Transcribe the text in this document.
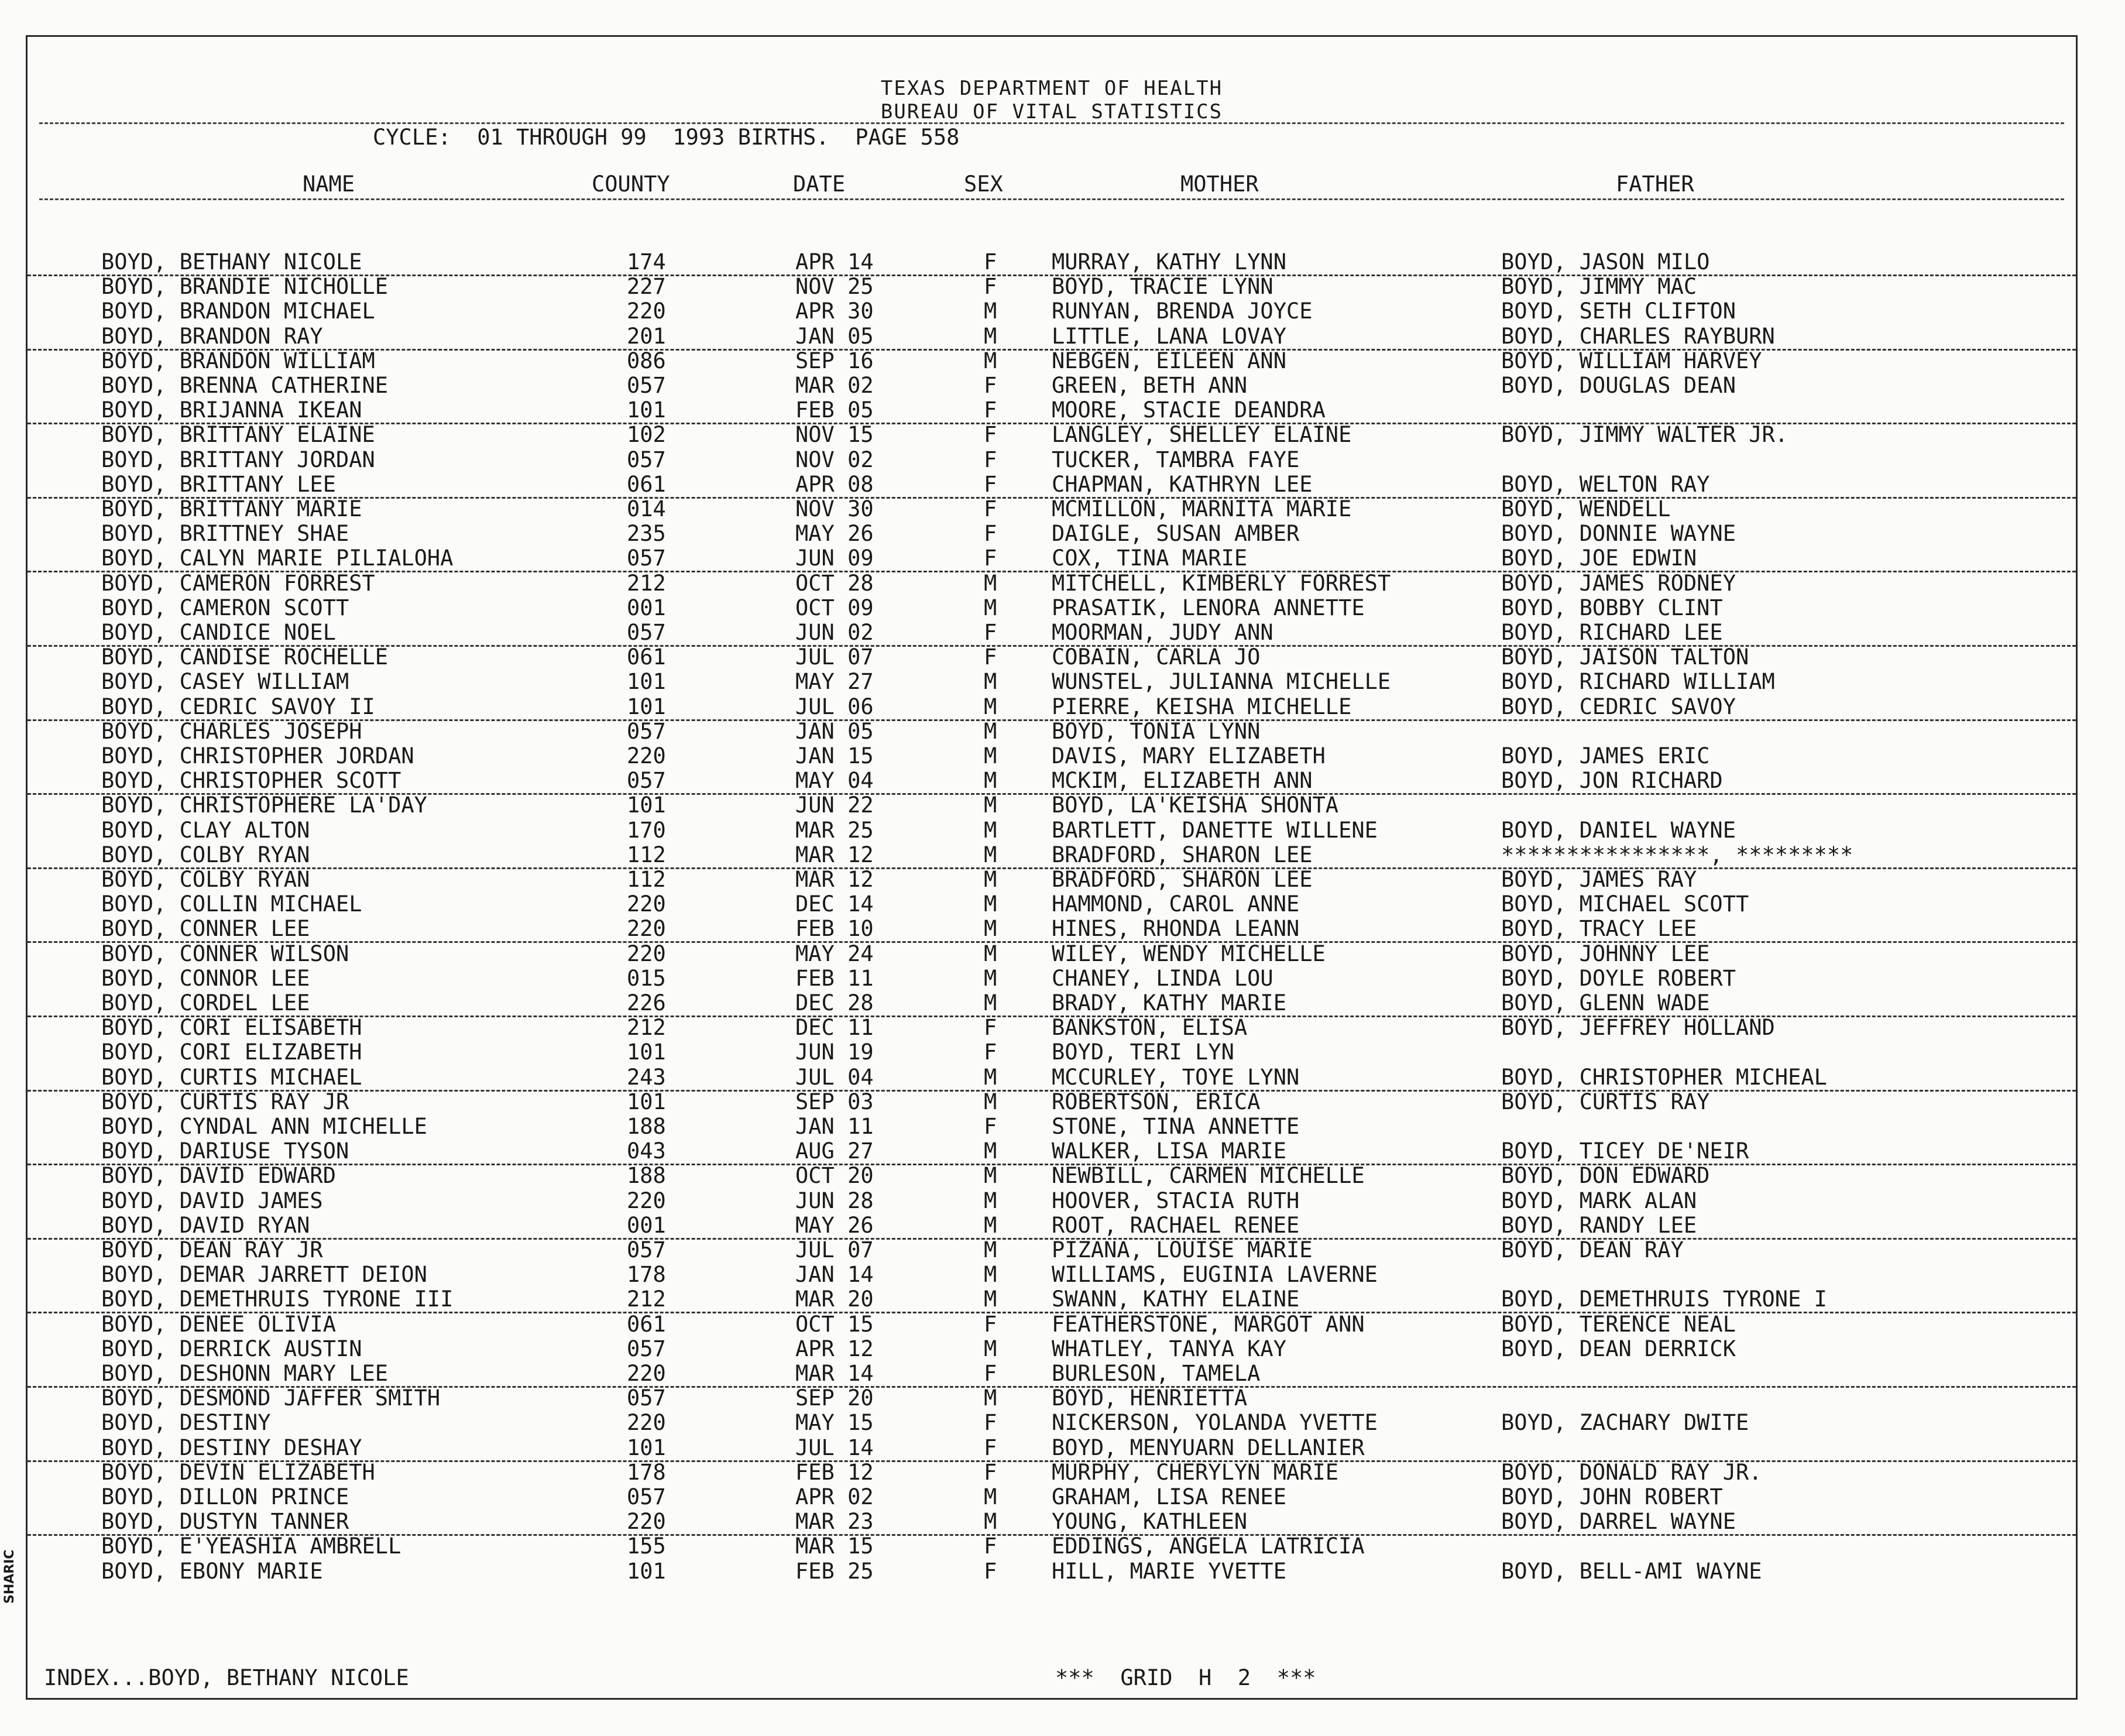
TEXAS DEPARTMENT OF HEALTH
BUREAU OF VITAL STATISTICS
CYCLE:  01 THROUGH 99  1993 BIRTHS.  PAGE 558
NAME	COUNTY	DATE	SEX	MOTHER	FATHER
BOYD, BETHANY NICOLE	174	APR 14	F	MURRAY, KATHY LYNN	BOYD, JASON MILO
BOYD, BRANDIE NICHOLLE	227	NOV 25	F	BOYD, TRACIE LYNN	BOYD, JIMMY MAC
BOYD, BRANDON MICHAEL	220	APR 30	M	RUNYAN, BRENDA JOYCE	BOYD, SETH CLIFTON
BOYD, BRANDON RAY	201	JAN 05	M	LITTLE, LANA LOVAY	BOYD, CHARLES RAYBURN
BOYD, BRANDON WILLIAM	086	SEP 16	M	NEBGEN, EILEEN ANN	BOYD, WILLIAM HARVEY
BOYD, BRENNA CATHERINE	057	MAR 02	F	GREEN, BETH ANN	BOYD, DOUGLAS DEAN
BOYD, BRIJANNA IKEAN	101	FEB 05	F	MOORE, STACIE DEANDRA
BOYD, BRITTANY ELAINE	102	NOV 15	F	LANGLEY, SHELLEY ELAINE	BOYD, JIMMY WALTER JR.
BOYD, BRITTANY JORDAN	057	NOV 02	F	TUCKER, TAMBRA FAYE
BOYD, BRITTANY LEE	061	APR 08	F	CHAPMAN, KATHRYN LEE	BOYD, WELTON RAY
BOYD, BRITTANY MARIE	014	NOV 30	F	MCMILLON, MARNITA MARIE	BOYD, WENDELL
BOYD, BRITTNEY SHAE	235	MAY 26	F	DAIGLE, SUSAN AMBER	BOYD, DONNIE WAYNE
BOYD, CALYN MARIE PILIALOHA	057	JUN 09	F	COX, TINA MARIE	BOYD, JOE EDWIN
BOYD, CAMERON FORREST	212	OCT 28	M	MITCHELL, KIMBERLY FORREST	BOYD, JAMES RODNEY
BOYD, CAMERON SCOTT	001	OCT 09	M	PRASATIK, LENORA ANNETTE	BOYD, BOBBY CLINT
BOYD, CANDICE NOEL	057	JUN 02	F	MOORMAN, JUDY ANN	BOYD, RICHARD LEE
BOYD, CANDISE ROCHELLE	061	JUL 07	F	COBAIN, CARLA JO	BOYD, JAISON TALTON
BOYD, CASEY WILLIAM	101	MAY 27	M	WUNSTEL, JULIANNA MICHELLE	BOYD, RICHARD WILLIAM
BOYD, CEDRIC SAVOY II	101	JUL 06	M	PIERRE, KEISHA MICHELLE	BOYD, CEDRIC SAVOY
BOYD, CHARLES JOSEPH	057	JAN 05	M	BOYD, TONIA LYNN
BOYD, CHRISTOPHER JORDAN	220	JAN 15	M	DAVIS, MARY ELIZABETH	BOYD, JAMES ERIC
BOYD, CHRISTOPHER SCOTT	057	MAY 04	M	MCKIM, ELIZABETH ANN	BOYD, JON RICHARD
BOYD, CHRISTOPHERE LA'DAY	101	JUN 22	M	BOYD, LA'KEISHA SHONTA
BOYD, CLAY ALTON	170	MAR 25	M	BARTLETT, DANETTE WILLENE	BOYD, DANIEL WAYNE
BOYD, COLBY RYAN	112	MAR 12	M	BRADFORD, SHARON LEE	****************, *********
BOYD, COLBY RYAN	112	MAR 12	M	BRADFORD, SHARON LEE	BOYD, JAMES RAY
BOYD, COLLIN MICHAEL	220	DEC 14	M	HAMMOND, CAROL ANNE	BOYD, MICHAEL SCOTT
BOYD, CONNER LEE	220	FEB 10	M	HINES, RHONDA LEANN	BOYD, TRACY LEE
BOYD, CONNER WILSON	220	MAY 24	M	WILEY, WENDY MICHELLE	BOYD, JOHNNY LEE
BOYD, CONNOR LEE	015	FEB 11	M	CHANEY, LINDA LOU	BOYD, DOYLE ROBERT
BOYD, CORDEL LEE	226	DEC 28	M	BRADY, KATHY MARIE	BOYD, GLENN WADE
BOYD, CORI ELISABETH	212	DEC 11	F	BANKSTON, ELISA	BOYD, JEFFREY HOLLAND
BOYD, CORI ELIZABETH	101	JUN 19	F	BOYD, TERI LYN
BOYD, CURTIS MICHAEL	243	JUL 04	M	MCCURLEY, TOYE LYNN	BOYD, CHRISTOPHER MICHEAL
BOYD, CURTIS RAY JR	101	SEP 03	M	ROBERTSON, ERICA	BOYD, CURTIS RAY
BOYD, CYNDAL ANN MICHELLE	188	JAN 11	F	STONE, TINA ANNETTE
BOYD, DARIUSE TYSON	043	AUG 27	M	WALKER, LISA MARIE	BOYD, TICEY DE'NEIR
BOYD, DAVID EDWARD	188	OCT 20	M	NEWBILL, CARMEN MICHELLE	BOYD, DON EDWARD
BOYD, DAVID JAMES	220	JUN 28	M	HOOVER, STACIA RUTH	BOYD, MARK ALAN
BOYD, DAVID RYAN	001	MAY 26	M	ROOT, RACHAEL RENEE	BOYD, RANDY LEE
BOYD, DEAN RAY JR	057	JUL 07	M	PIZANA, LOUISE MARIE	BOYD, DEAN RAY
BOYD, DEMAR JARRETT DEION	178	JAN 14	M	WILLIAMS, EUGINIA LAVERNE
BOYD, DEMETHRUIS TYRONE III	212	MAR 20	M	SWANN, KATHY ELAINE	BOYD, DEMETHRUIS TYRONE I
BOYD, DENEE OLIVIA	061	OCT 15	F	FEATHERSTONE, MARGOT ANN	BOYD, TERENCE NEAL
BOYD, DERRICK AUSTIN	057	APR 12	M	WHATLEY, TANYA KAY	BOYD, DEAN DERRICK
BOYD, DESHONN MARY LEE	220	MAR 14	F	BURLESON, TAMELA
BOYD, DESMOND JAFFER SMITH	057	SEP 20	M	BOYD, HENRIETTA
BOYD, DESTINY	220	MAY 15	F	NICKERSON, YOLANDA YVETTE	BOYD, ZACHARY DWITE
BOYD, DESTINY DESHAY	101	JUL 14	F	BOYD, MENYUARN DELLANIER
BOYD, DEVIN ELIZABETH	178	FEB 12	F	MURPHY, CHERYLYN MARIE	BOYD, DONALD RAY JR.
BOYD, DILLON PRINCE	057	APR 02	M	GRAHAM, LISA RENEE	BOYD, JOHN ROBERT
BOYD, DUSTYN TANNER	220	MAR 23	M	YOUNG, KATHLEEN	BOYD, DARREL WAYNE
BOYD, E'YEASHIA AMBRELL	155	MAR 15	F	EDDINGS, ANGELA LATRICIA
BOYD, EBONY MARIE	101	FEB 25	F	HILL, MARIE YVETTE	BOYD, BELL-AMI WAYNE
INDEX...BOYD, BETHANY NICOLE	***  GRID  H  2  ***
SHARIC
